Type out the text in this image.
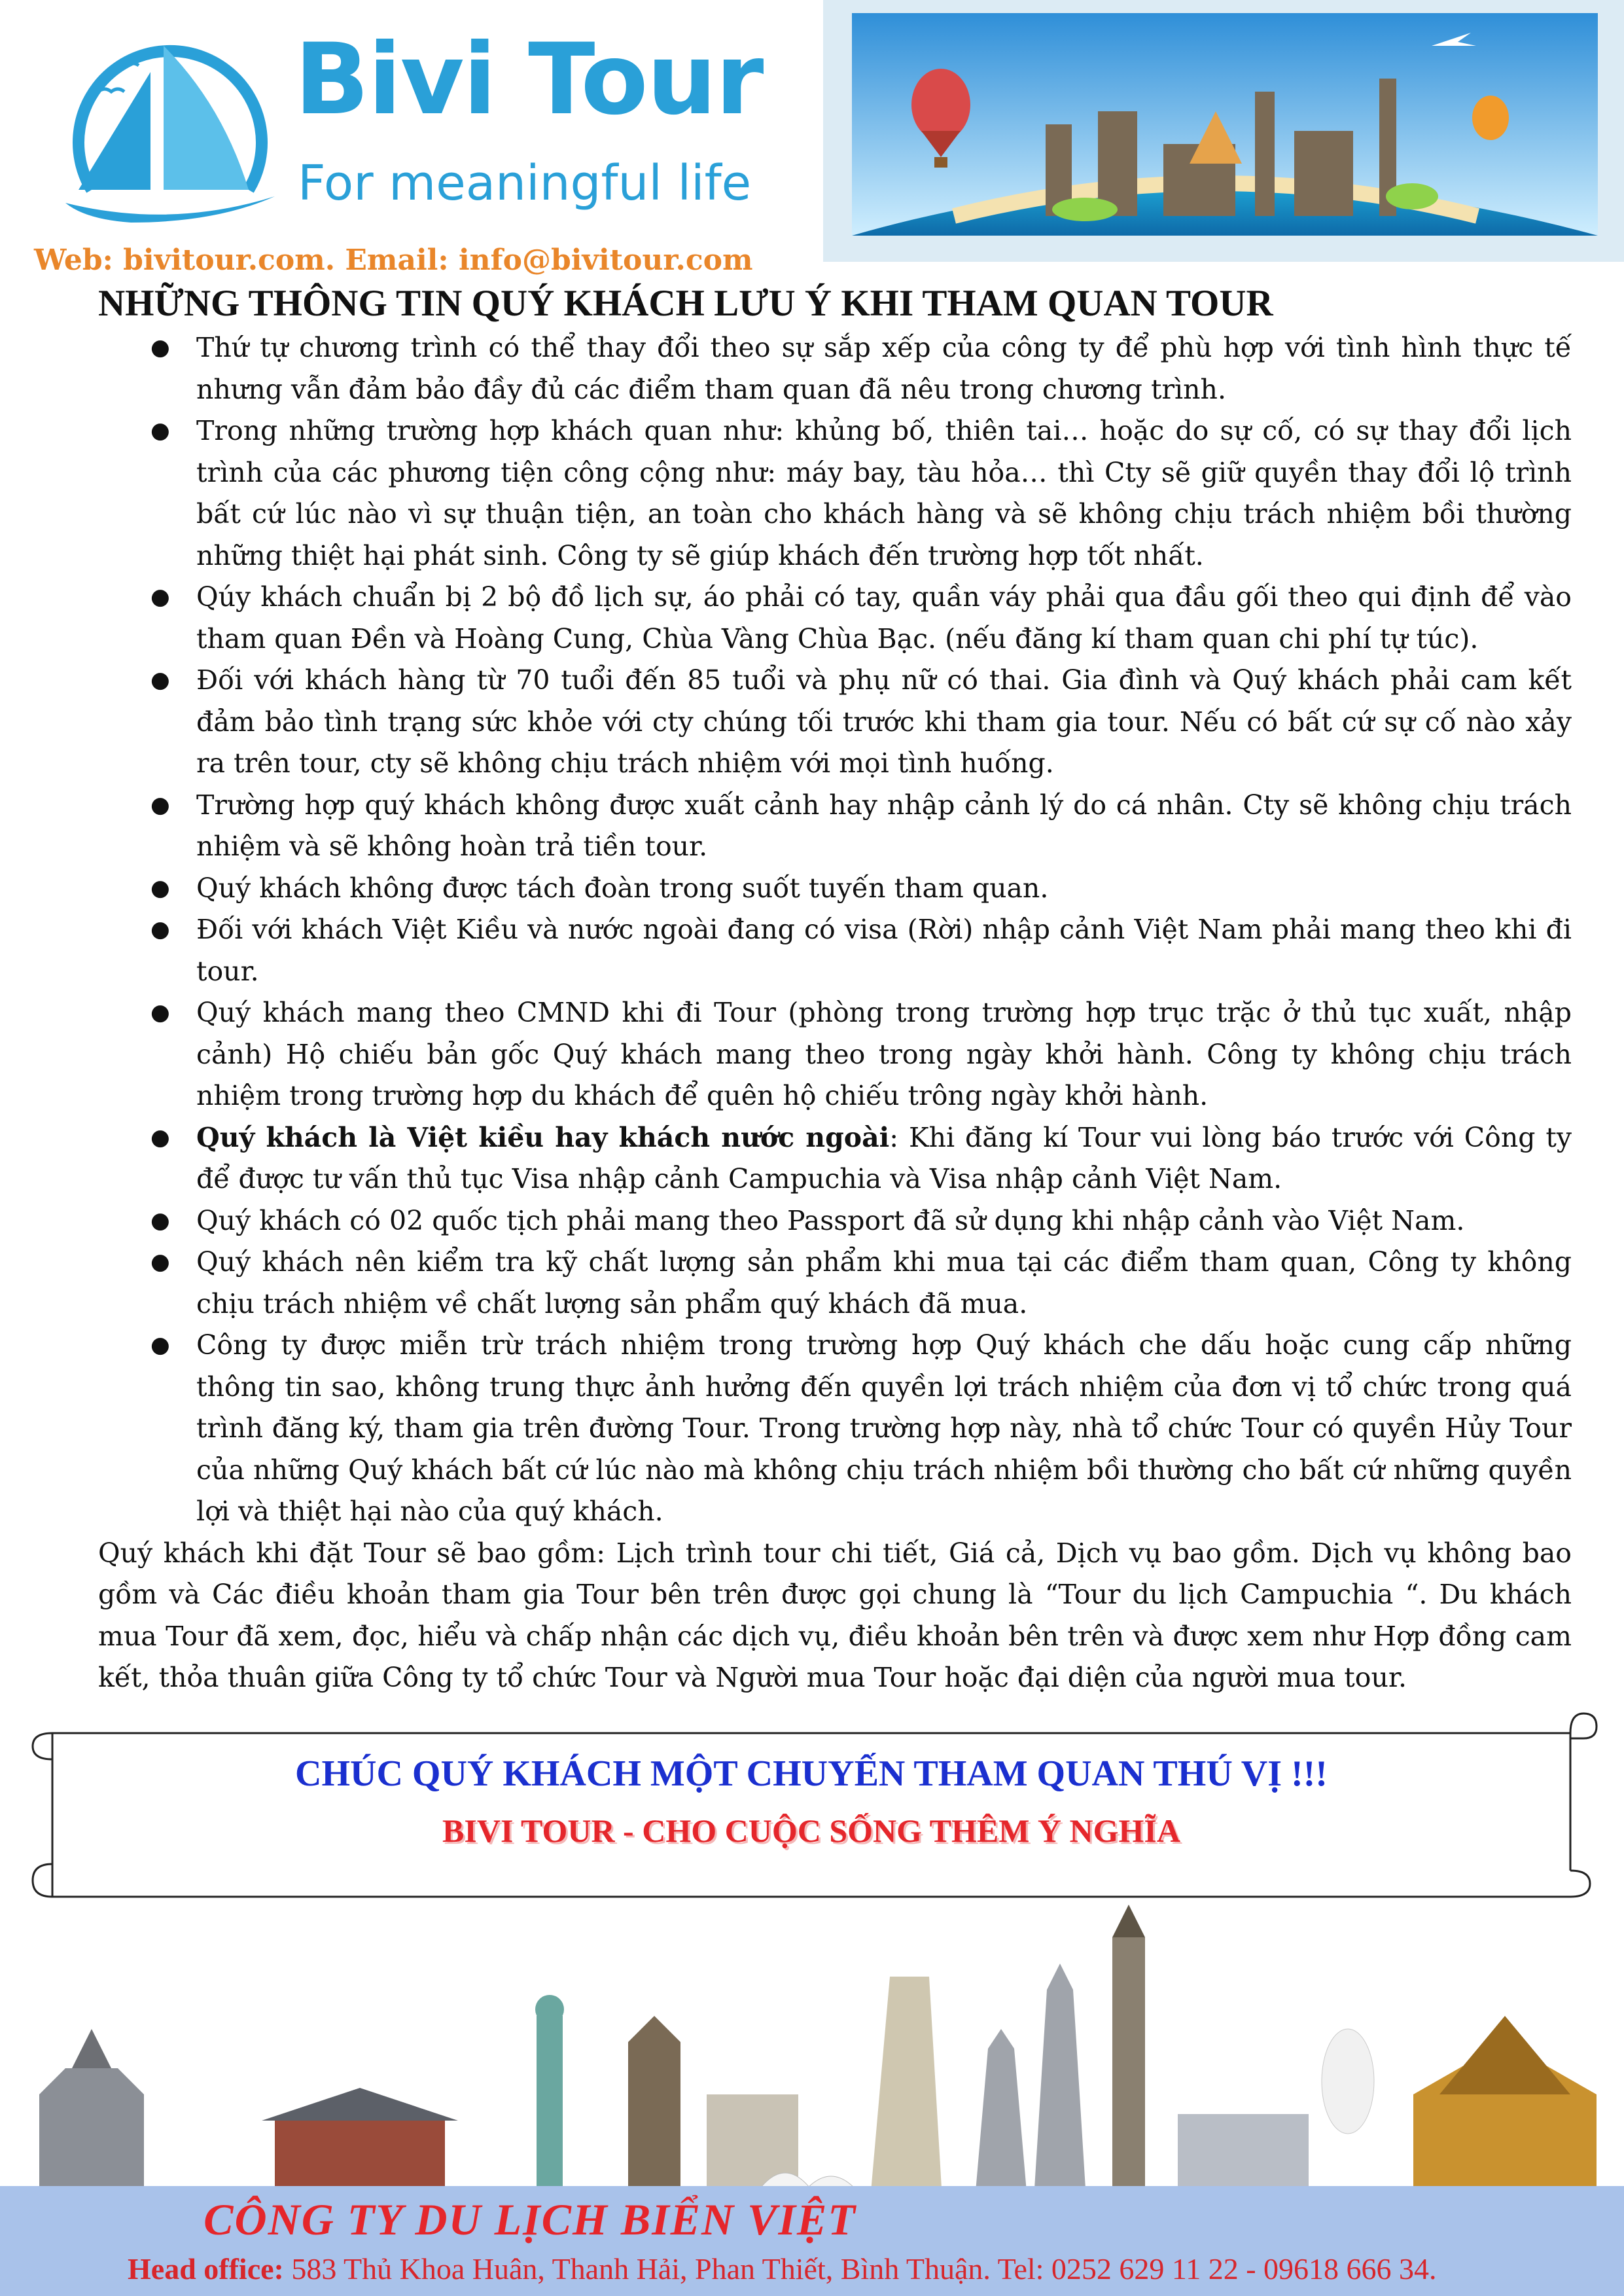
Bivi Tour
For meaningful life
Web: bivitour.com. Email: info@bivitour.com
NHỮNG THÔNG TIN QUÝ KHÁCH LƯU Ý KHI THAM QUAN TOUR
● Thứ tự chương trình có thể thay đổi theo sự sắp xếp của công ty để phù hợp với tình hình thực tế nhưng vẫn đảm bảo đầy đủ các điểm tham quan đã nêu trong chương trình.
● Trong những trường hợp khách quan như: khủng bố, thiên tai… hoặc do sự cố, có sự thay đổi lịch trình của các phương tiện công cộng như: máy bay, tàu hỏa… thì Cty sẽ giữ quyền thay đổi lộ trình bất cứ lúc nào vì sự thuận tiện, an toàn cho khách hàng và sẽ không chịu trách nhiệm bồi thường những thiệt hại phát sinh. Công ty sẽ giúp khách đến trường hợp tốt nhất.
● Qúy khách chuẩn bị 2 bộ đồ lịch sự, áo phải có tay, quần váy phải qua đầu gối theo qui định để vào tham quan Đền và Hoàng Cung, Chùa Vàng Chùa Bạc. (nếu đăng kí tham quan chi phí tự túc).
● Đối với khách hàng từ 70 tuổi đến 85 tuổi và phụ nữ có thai. Gia đình và Quý khách phải cam kết đảm bảo tình trạng sức khỏe với cty chúng tối trước khi tham gia tour. Nếu có bất cứ sự cố nào xảy ra trên tour, cty sẽ không chịu trách nhiệm với mọi tình huống.
● Trường hợp quý khách không được xuất cảnh hay nhập cảnh lý do cá nhân. Cty sẽ không chịu trách nhiệm và sẽ không hoàn trả tiền tour.
● Quý khách không được tách đoàn trong suốt tuyến tham quan.
● Đối với khách Việt Kiều và nước ngoài đang có visa (Rời) nhập cảnh Việt Nam phải mang theo khi đi tour.
● Quý khách mang theo CMND khi đi Tour (phòng trong trường hợp trục trặc ở thủ tục xuất, nhập cảnh) Hộ chiếu bản gốc Quý khách mang theo trong ngày khởi hành. Công ty không chịu trách nhiệm trong trường hợp du khách để quên hộ chiếu trông ngày khởi hành.
● Quý khách là Việt kiều hay khách nước ngoài: Khi đăng kí Tour vui lòng báo trước với Công ty để được tư vấn thủ tục Visa nhập cảnh Campuchia và Visa nhập cảnh Việt Nam.
● Quý khách có 02 quốc tịch phải mang theo Passport đã sử dụng khi nhập cảnh vào Việt Nam.
● Quý khách nên kiểm tra kỹ chất lượng sản phẩm khi mua tại các điểm tham quan, Công ty không chịu trách nhiệm về chất lượng sản phẩm quý khách đã mua.
● Công ty được miễn trừ trách nhiệm trong trường hợp Quý khách che dấu hoặc cung cấp những thông tin sao, không trung thực ảnh hưởng đến quyền lợi trách nhiệm của đơn vị tổ chức trong quá trình đăng ký, tham gia trên đường Tour. Trong trường hợp này, nhà tổ chức Tour có quyền Hủy Tour của những Quý khách bất cứ lúc nào mà không chịu trách nhiệm bồi thường cho bất cứ những quyền lợi và thiệt hại nào của quý khách.

Quý khách khi đặt Tour sẽ bao gồm: Lịch trình tour chi tiết, Giá cả, Dịch vụ bao gồm. Dịch vụ không bao gồm và Các điều khoản tham gia Tour bên trên được gọi chung là “Tour du lịch Campuchia “. Du khách mua Tour đã xem, đọc, hiểu và chấp nhận các dịch vụ, điều khoản bên trên và được xem như Hợp đồng cam kết, thỏa thuân giữa Công ty tổ chức Tour và Người mua Tour hoặc đại diện của người mua tour.

CHÚC QUÝ KHÁCH MỘT CHUYẾN THAM QUAN THÚ VỊ !!!
BIVI TOUR - CHO CUỘC SỐNG THÊM Ý NGHĨA
CÔNG TY DU LỊCH BIỂN VIỆT
Head office: 583 Thủ Khoa Huân, Thanh Hải, Phan Thiết, Bình Thuận. Tel: 0252 629 11 22 - 09618 666 34.
